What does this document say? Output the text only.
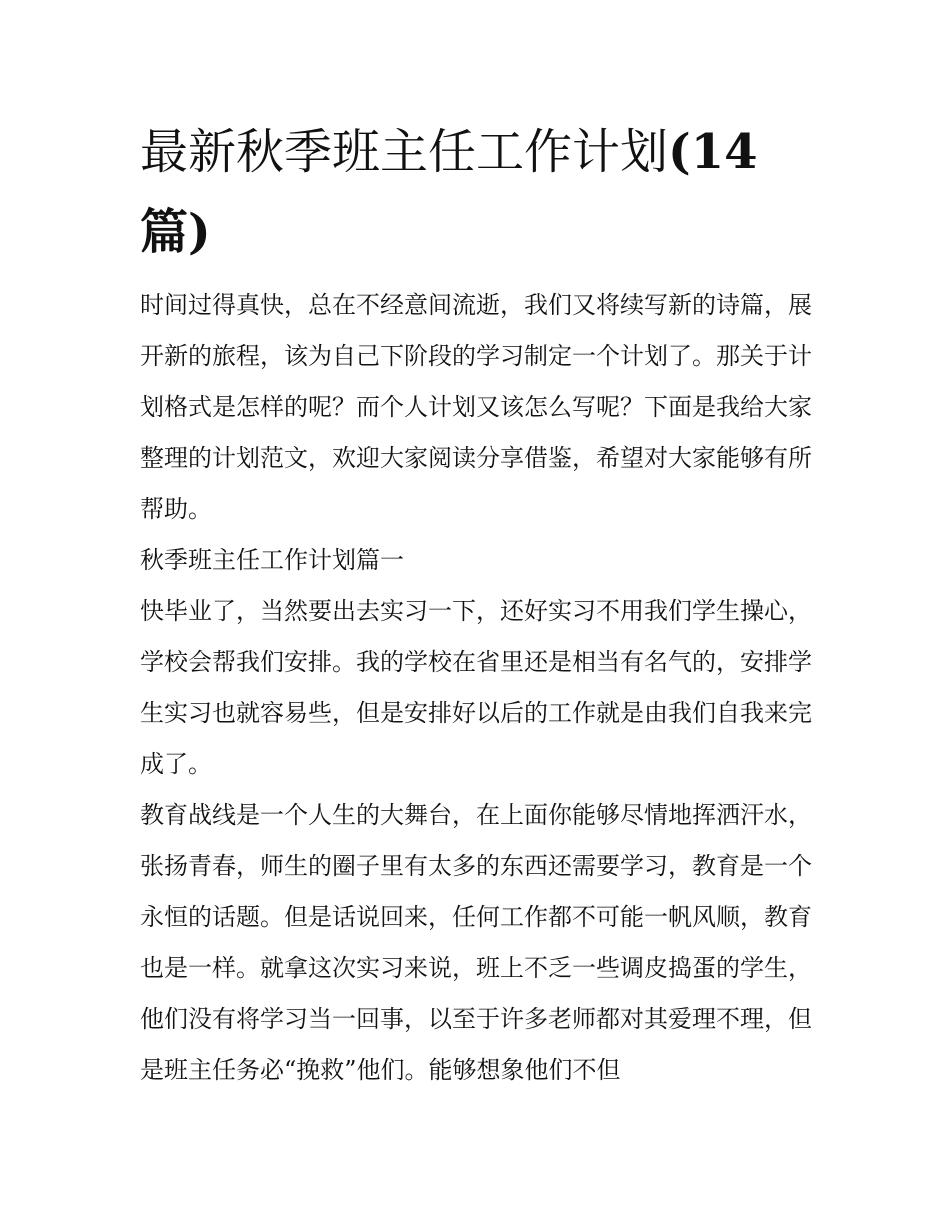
最新秋季班主任工作计划(14
篇)

时间过得真快，总在不经意间流逝，我们又将续写新的诗篇，展开新的旅程，该为自己下阶段的学习制定一个计划了。那关于计划格式是怎样的呢？而个人计划又该怎么写呢？下面是我给大家整理的计划范文，欢迎大家阅读分享借鉴，希望对大家能够有所帮助。

秋季班主任工作计划篇一

快毕业了，当然要出去实习一下，还好实习不用我们学生操心，学校会帮我们安排。我的学校在省里还是相当有名气的，安排学生实习也就容易些，但是安排好以后的工作就是由我们自我来完成了。

教育战线是一个人生的大舞台，在上面你能够尽情地挥洒汗水，张扬青春，师生的圈子里有太多的东西还需要学习，教育是一个永恒的话题。但是话说回来，任何工作都不可能一帆风顺，教育也是一样。就拿这次实习来说，班上不乏一些调皮捣蛋的学生，他们没有将学习当一回事，以至于许多老师都对其爱理不理，但是班主任务必“挽救”他们。能够想象他们不但
